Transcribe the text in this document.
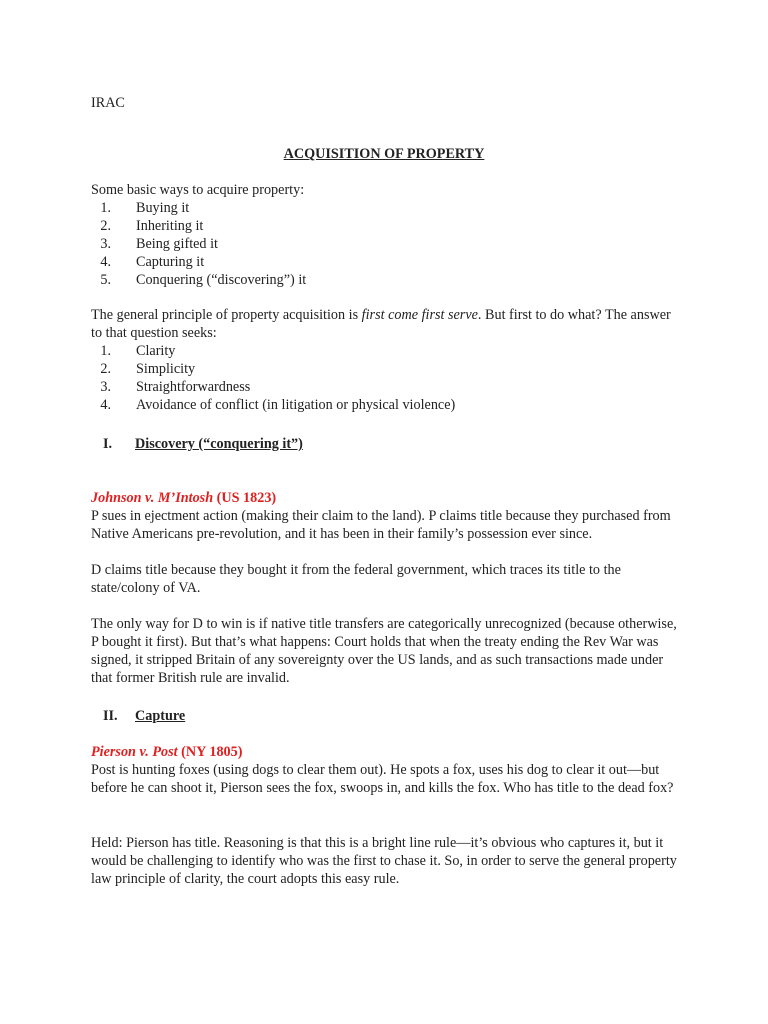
IRAC

ACQUISITION OF PROPERTY

Some basic ways to acquire property:

1. Buying it
2. Inheriting it
3. Being gifted it
4. Capturing it
5. Conquering (“discovering”) it

The general principle of property acquisition is first come first serve. But first to do what? The answer to that question seeks:

1. Clarity
2. Simplicity
3. Straightforwardness
4. Avoidance of conflict (in litigation or physical violence)
I. Discovery (“conquering it”)
Johnson v. M’Intosh (US 1823)

P sues in ejectment action (making their claim to the land). P claims title because they purchased from Native Americans pre-revolution, and it has been in their family’s possession ever since.

D claims title because they bought it from the federal government, which traces its title to the state/colony of VA.

The only way for D to win is if native title transfers are categorically unrecognized (because otherwise, P bought it first). But that’s what happens: Court holds that when the treaty ending the Rev War was signed, it stripped Britain of any sovereignty over the US lands, and as such transactions made under that former British rule are invalid.

II. Capture
Pierson v. Post (NY 1805)

Post is hunting foxes (using dogs to clear them out). He spots a fox, uses his dog to clear it out—but before he can shoot it, Pierson sees the fox, swoops in, and kills the fox. Who has title to the dead fox?

Held: Pierson has title. Reasoning is that this is a bright line rule—it’s obvious who captures it, but it would be challenging to identify who was the first to chase it. So, in order to serve the general property law principle of clarity, the court adopts this easy rule.
